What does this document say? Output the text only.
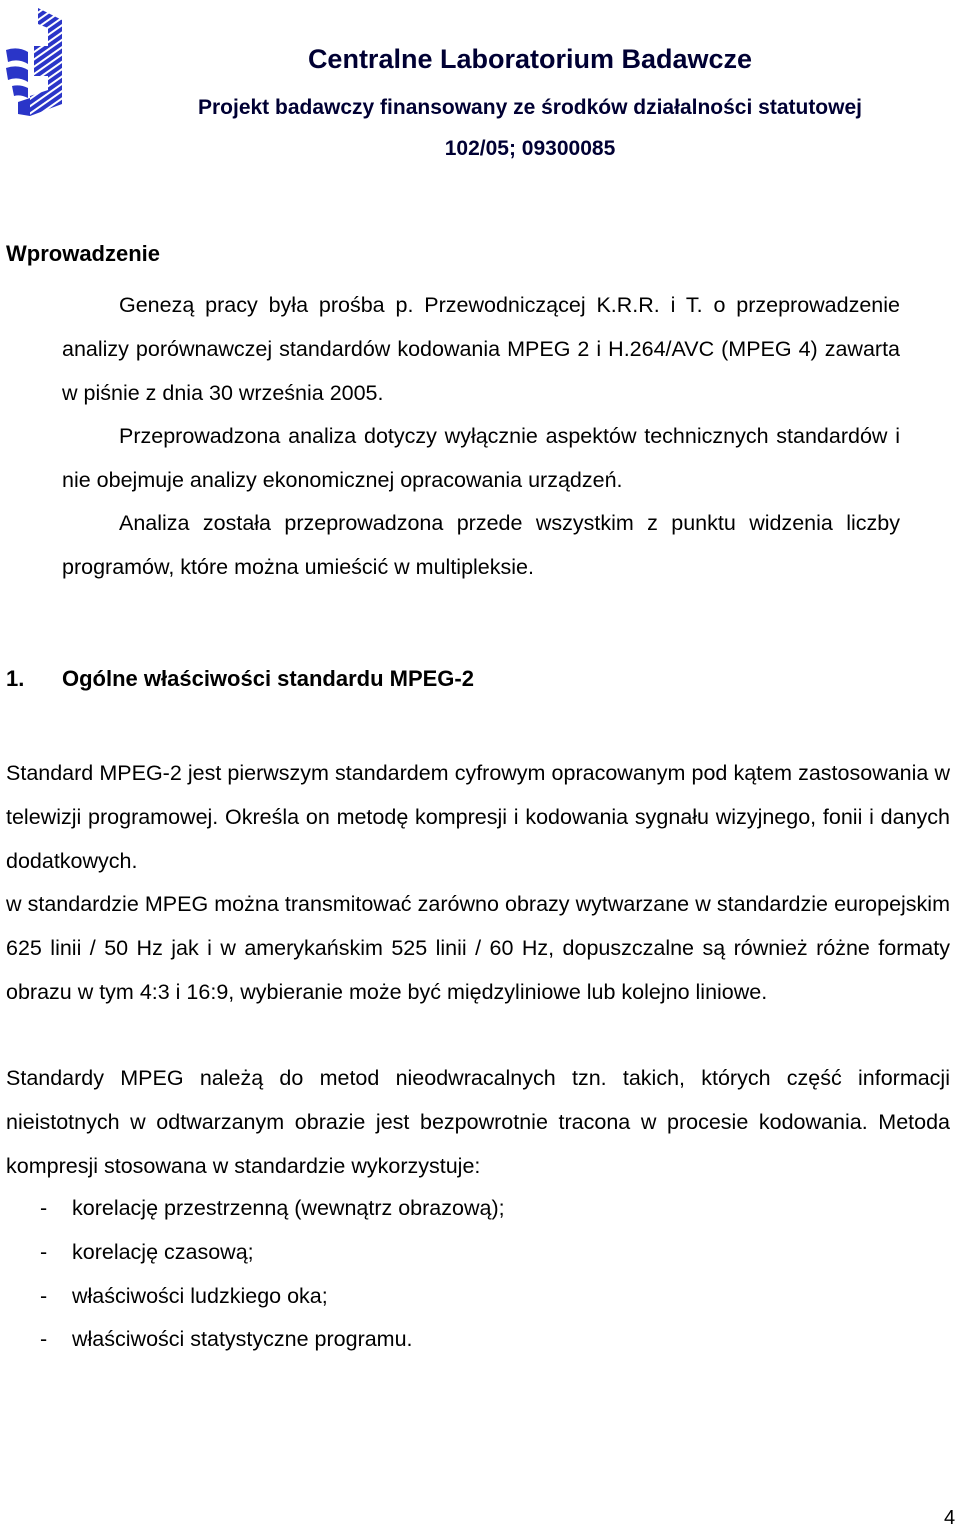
Centralne Laboratorium Badawcze
Projekt badawczy finansowany ze środków działalności statutowej
102/05; 09300085
Wprowadzenie

Genezą pracy była prośba p. Przewodniczącej K.R.R. i T. o przeprowadzenie analizy porównawczej standardów kodowania MPEG 2 i H.264/AVC (MPEG 4) zawarta w piśnie z dnia 30 września 2005.

Przeprowadzona analiza dotyczy wyłącznie aspektów technicznych standardów i nie obejmuje analizy ekonomicznej opracowania urządzeń.

Analiza została przeprowadzona przede wszystkim z punktu widzenia liczby programów, które można umieścić w multipleksie.

1. Ogólne właściwości standardu MPEG-2

Standard MPEG-2 jest pierwszym standardem cyfrowym opracowanym pod kątem zastosowania w telewizji programowej. Określa on metodę kompresji i kodowania sygnału wizyjnego, fonii i danych dodatkowych.

w standardzie MPEG można transmitować zarówno obrazy wytwarzane w standardzie europejskim 625 linii / 50 Hz jak i w amerykańskim 525 linii / 60 Hz, dopuszczalne są również różne formaty obrazu w tym 4:3 i 16:9, wybieranie może być międzyliniowe lub kolejno liniowe.

Standardy MPEG należą do metod nieodwracalnych tzn. takich, których część informacji nieistotnych w odtwarzanym obrazie jest bezpowrotnie tracona w procesie kodowania. Metoda kompresji stosowana w standardzie wykorzystuje:

- korelację przestrzenną (wewnątrz obrazową);
- korelację czasową;
- właściwości ludzkiego oka;
- właściwości statystyczne programu.
4
